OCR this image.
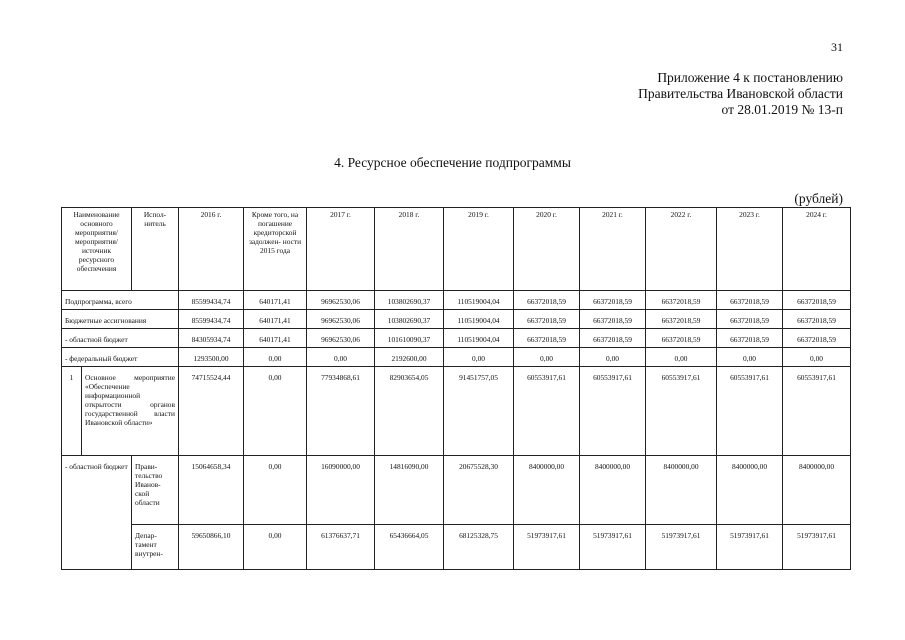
31
Приложение 4 к постановлению
Правительства Ивановской области
от 28.01.2019 № 13-п
4. Ресурсное обеспечение подпрограммы
(рублей)
Наименование основного мероприятия/ мероприятия/ источник ресурсного обеспечения		Испол- нитель	2016 г.	Кроме того, на погашение кредиторской задолжен- ности 2015 года	2017 г.	2018 г.	2019 г.	2020 г.	2021 г.	2022 г.	2023 г.	2024 г.
Подпрограмма, всего			85599434,74	640171,41	96962530,06	103802690,37	110519004,04	66372018,59	66372018,59	66372018,59	66372018,59	66372018,59
Бюджетные ассигнования			85599434,74	640171,41	96962530,06	103802690,37	110519004,04	66372018,59	66372018,59	66372018,59	66372018,59	66372018,59
- областной бюджет			84305934,74	640171,41	96962530,06	101610090,37	110519004,04	66372018,59	66372018,59	66372018,59	66372018,59	66372018,59
- федеральный бюджет			1293500,00	0,00	0,00	2192600,00	0,00	0,00	0,00	0,00	0,00	0,00
1	Основное мероприятие «Обеспечение информационной открытости органов государственной власти Ивановской области»		74715524,44	0,00	77934868,61	82903654,05	91451757,05	60553917,61	60553917,61	60553917,61	60553917,61	60553917,61
- областной бюджет		Прави- тельство Иванов- ской области	15064658,34	0,00	16090000,00	14816090,00	20675528,30	8400000,00	8400000,00	8400000,00	8400000,00	8400000,00
		Депар- тамент внутрен-	59650866,10	0,00	61376637,71	65436664,05	68125328,75	51973917,61	51973917,61	51973917,61	51973917,61	51973917,61
